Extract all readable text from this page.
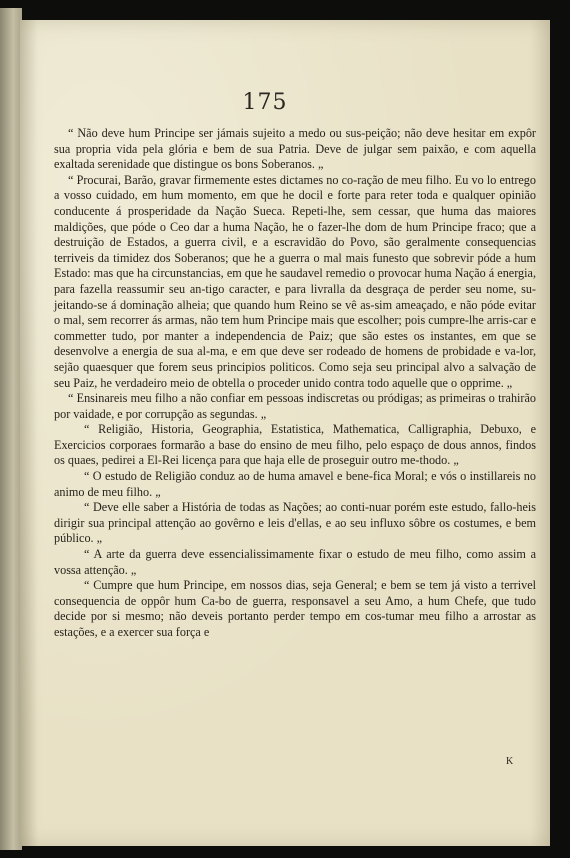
175

“ Não deve hum Principe ser jámais sujeito a medo ou sus-peição; não deve hesitar em expôr sua propria vida pela glória e bem de sua Patria. Deve de julgar sem paixão, e com aquella exaltada serenidade que distingue os bons Soberanos. „

“ Procurai, Barão, gravar firmemente estes dictames no co-ração de meu filho. Eu vo lo entrego a vosso cuidado, em hum momento, em que he docil e forte para reter toda e qualquer opinião conducente á prosperidade da Nação Sueca. Repeti-lhe, sem cessar, que huma das maiores maldições, que póde o Ceo dar a huma Nação, he o fazer-lhe dom de hum Principe fraco; que a destruição de Estados, a guerra civil, e a escravidão do Povo, são geralmente consequencias terriveis da timidez dos Soberanos; que he a guerra o mal mais funesto que sobrevir póde a hum Estado: mas que ha circunstancias, em que he saudavel remedio o provocar huma Nação á energia, para fazella reassumir seu an-tigo caracter, e para livralla da desgraça de perder seu nome, su-jeitando-se á dominação alheia; que quando hum Reino se vê as-sim ameaçado, e não póde evitar o mal, sem recorrer ás armas, não tem hum Principe mais que escolher; pois cumpre-lhe arris-car e commetter tudo, por manter a independencia de Paiz; que são estes os instantes, em que se desenvolve a energia de sua al-ma, e em que deve ser rodeado de homens de probidade e va-lor, sejão quaesquer que forem seus principios politicos. Como seja seu principal alvo a salvação de seu Paiz, he verdadeiro meio de obtella o proceder unido contra todo aquelle que o opprime. „

“ Ensinareis meu filho a não confiar em pessoas indiscretas ou pródigas; as primeiras o trahirão por vaidade, e por corrupção as segundas. „

“ Religião, Historia, Geographia, Estatistica, Mathematica, Calligraphia, Debuxo, e Exercicios corporaes formarão a base do ensino de meu filho, pelo espaço de dous annos, findos os quaes, pedirei a El-Rei licença para que haja elle de proseguir outro me-thodo. „

“ O estudo de Religião conduz ao de huma amavel e bene-fica Moral; e vós o instillareis no animo de meu filho. „

“ Deve elle saber a História de todas as Nações; ao conti-nuar porém este estudo, fallo-heis dirigir sua principal attenção ao govêrno e leis d'ellas, e ao seu influxo sôbre os costumes, e bem público. „

“ A arte da guerra deve essencialissimamente fixar o estudo de meu filho, como assim a vossa attenção. „

“ Cumpre que hum Principe, em nossos dias, seja General; e bem se tem já visto a terrivel consequencia de oppôr hum Ca-bo de guerra, responsavel a seu Amo, a hum Chefe, que tudo decide por si mesmo; não deveis portanto perder tempo em cos-tumar meu filho a arrostar as estações, e a exercer sua força e

K
